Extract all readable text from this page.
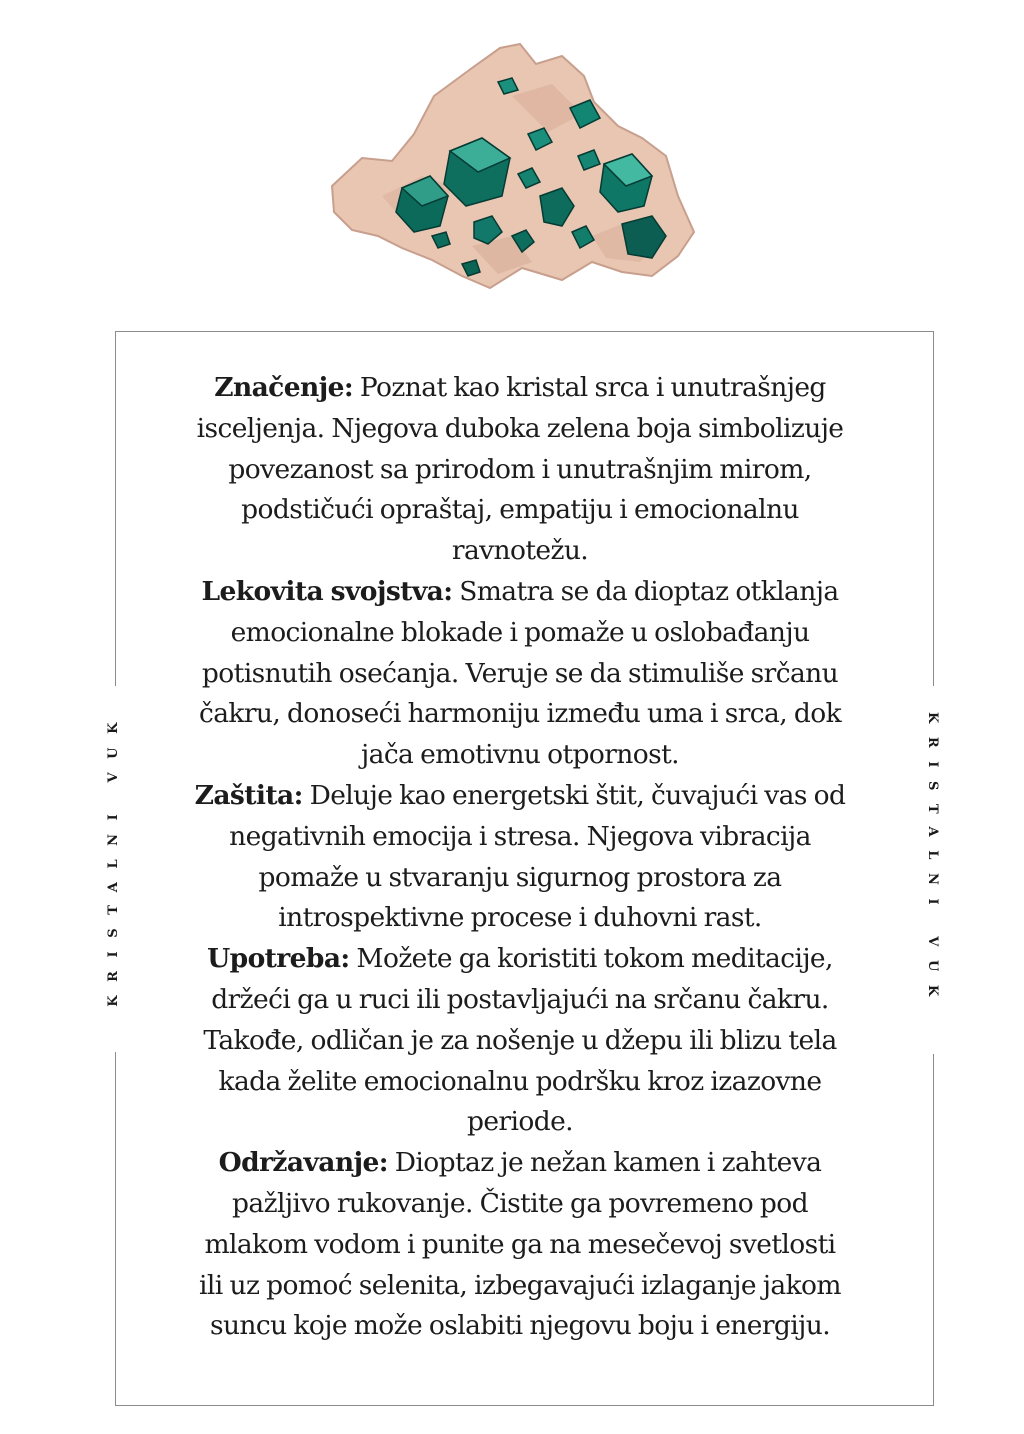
KRISTALNI VUK	KRISTALNI VUK

Značenje: Poznat kao kristal srca i unutrašnjeg isceljenja. Njegova duboka zelena boja simbolizuje povezanost sa prirodom i unutrašnjim mirom, podstičući opraštaj, empatiju i emocionalnu ravnotežu.

Lekovita svojstva: Smatra se da dioptaz otklanja emocionalne blokade i pomaže u oslobađanju potisnutih osećanja. Veruje se da stimuliše srčanu čakru, donoseći harmoniju između uma i srca, dok jača emotivnu otpornost.

Zaštita: Deluje kao energetski štit, čuvajući vas od negativnih emocija i stresa. Njegova vibracija pomaže u stvaranju sigurnog prostora za introspektivne procese i duhovni rast.

Upotreba: Možete ga koristiti tokom meditacije, držeći ga u ruci ili postavljajući na srčanu čakru. Takođe, odličan je za nošenje u džepu ili blizu tela kada želite emocionalnu podršku kroz izazovne periode.

Održavanje: Dioptaz je nežan kamen i zahteva pažljivo rukovanje. Čistite ga povremeno pod mlakom vodom i punite ga na mesečevoj svetlosti ili uz pomoć selenita, izbegavajući izlaganje jakom suncu koje može oslabiti njegovu boju i energiju.
